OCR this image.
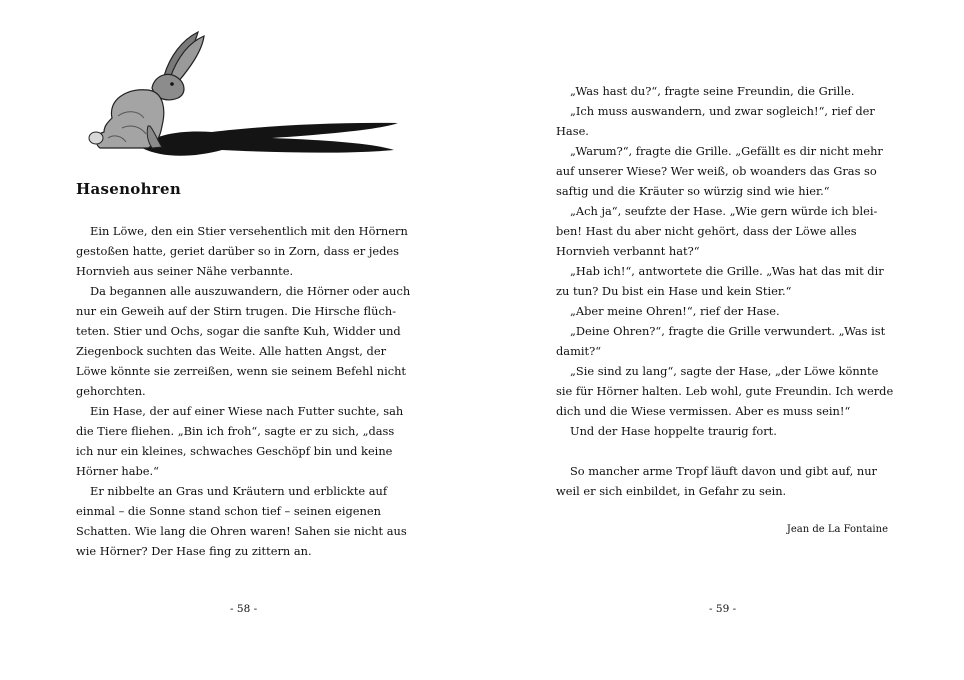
Hasenohren
Ein Löwe, den ein Stier versehentlich mit den Hörnern
gestoßen hatte, geriet darüber so in Zorn, dass er jedes
Hornvieh aus seiner Nähe verbannte.
Da begannen alle auszuwandern, die Hörner oder auch
nur ein Geweih auf der Stirn trugen. Die Hirsche flüch-
teten. Stier und Ochs, sogar die sanfte Kuh, Widder und
Ziegenbock suchten das Weite. Alle hatten Angst, der
Löwe könnte sie zerreißen, wenn sie seinem Befehl nicht
gehorchten.
Ein Hase, der auf einer Wiese nach Futter suchte, sah
die Tiere fliehen. „Bin ich froh“, sagte er zu sich, „dass
ich nur ein kleines, schwaches Geschöpf bin und keine
Hörner habe.“
Er nibbelte an Gras und Kräutern und erblickte auf
einmal – die Sonne stand schon tief – seinen eigenen
Schatten. Wie lang die Ohren waren! Sahen sie nicht aus
wie Hörner? Der Hase fing zu zittern an.
- 58 -
„Was hast du?“, fragte seine Freundin, die Grille.
„Ich muss auswandern, und zwar sogleich!“, rief der
Hase.
„Warum?“, fragte die Grille. „Gefällt es dir nicht mehr
auf unserer Wiese? Wer weiß, ob woanders das Gras so
saftig und die Kräuter so würzig sind wie hier.“
„Ach ja“, seufzte der Hase. „Wie gern würde ich blei-
ben! Hast du aber nicht gehört, dass der Löwe alles
Hornvieh verbannt hat?“
„Hab ich!“, antwortete die Grille. „Was hat das mit dir
zu tun? Du bist ein Hase und kein Stier.“
„Aber meine Ohren!“, rief der Hase.
„Deine Ohren?“, fragte die Grille verwundert. „Was ist
damit?“
„Sie sind zu lang“, sagte der Hase, „der Löwe könnte
sie für Hörner halten. Leb wohl, gute Freundin. Ich werde
dich und die Wiese vermissen. Aber es muss sein!“
Und der Hase hoppelte traurig fort.
So mancher arme Tropf läuft davon und gibt auf, nur
weil er sich einbildet, in Gefahr zu sein.
Jean de La Fontaine
- 59 -
